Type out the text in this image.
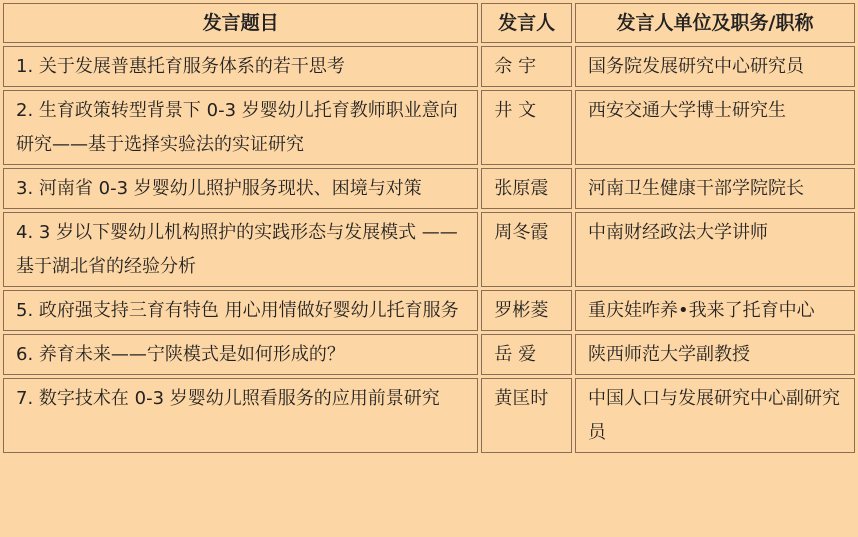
发言题目	发言人	发言人单位及职务/职称
1. 关于发展普惠托育服务体系的若干思考	佘 宇	国务院发展研究中心研究员
2. 生育政策转型背景下 0-3 岁婴幼儿托育教师职业意向研究——基于选择实验法的实证研究	井 文	西安交通大学博士研究生
3. 河南省 0-3 岁婴幼儿照护服务现状、困境与对策	张原震	河南卫生健康干部学院院长
4. 3 岁以下婴幼儿机构照护的实践形态与发展模式 ——基于湖北省的经验分析	周冬霞	中南财经政法大学讲师
5. 政府强支持三育有特色 用心用情做好婴幼儿托育服务	罗彬菱	重庆娃咋养•我来了托育中心
6. 养育未来——宁陕模式是如何形成的？	岳 爱	陕西师范大学副教授
7. 数字技术在 0-3 岁婴幼儿照看服务的应用前景研究	黄匡时	中国人口与发展研究中心副研究员
